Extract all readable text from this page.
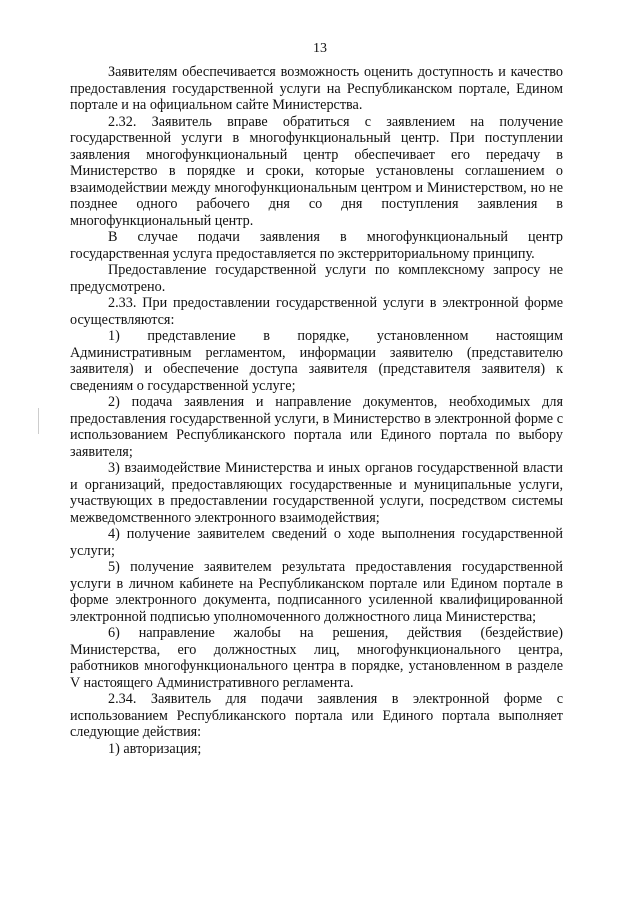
13

Заявителям обеспечивается возможность оценить доступность и качество предоставления государственной услуги на Республиканском портале, Едином портале и на официальном сайте Министерства.

2.32. Заявитель вправе обратиться с заявлением на получение государственной услуги в многофункциональный центр. При поступлении заявления многофункциональный центр обеспечивает его передачу в Министерство в порядке и сроки, которые установлены соглашением о взаимодействии между многофункциональным центром и Министерством, но не позднее одного рабочего дня со дня поступления заявления в многофункциональный центр.

В случае подачи заявления в многофункциональный центр государственная услуга предоставляется по экстерриториальному принципу.

Предоставление государственной услуги по комплексному запросу не предусмотрено.

2.33. При предоставлении государственной услуги в электронной форме осуществляются:

1) представление в порядке, установленном настоящим Административным регламентом, информации заявителю (представителю заявителя) и обеспечение доступа заявителя (представителя заявителя) к сведениям о государственной услуге;

2) подача заявления и направление документов, необходимых для предоставления государственной услуги, в Министерство в электронной форме с использованием Республиканского портала или Единого портала по выбору заявителя;

3) взаимодействие Министерства и иных органов государственной власти и организаций, предоставляющих государственные и муниципальные услуги, участвующих в предоставлении государственной услуги, посредством системы межведомственного электронного взаимодействия;

4) получение заявителем сведений о ходе выполнения государственной услуги;

5) получение заявителем результата предоставления государственной услуги в личном кабинете на Республиканском портале или Едином портале в форме электронного документа, подписанного усиленной квалифицированной электронной подписью уполномоченного должностного лица Министерства;

6) направление жалобы на решения, действия (бездействие) Министерства, его должностных лиц, многофункционального центра, работников многофункционального центра в порядке, установленном в разделе V настоящего Административного регламента.

2.34. Заявитель для подачи заявления в электронной форме с использованием Республиканского портала или Единого портала выполняет следующие действия:

1) авторизация;
